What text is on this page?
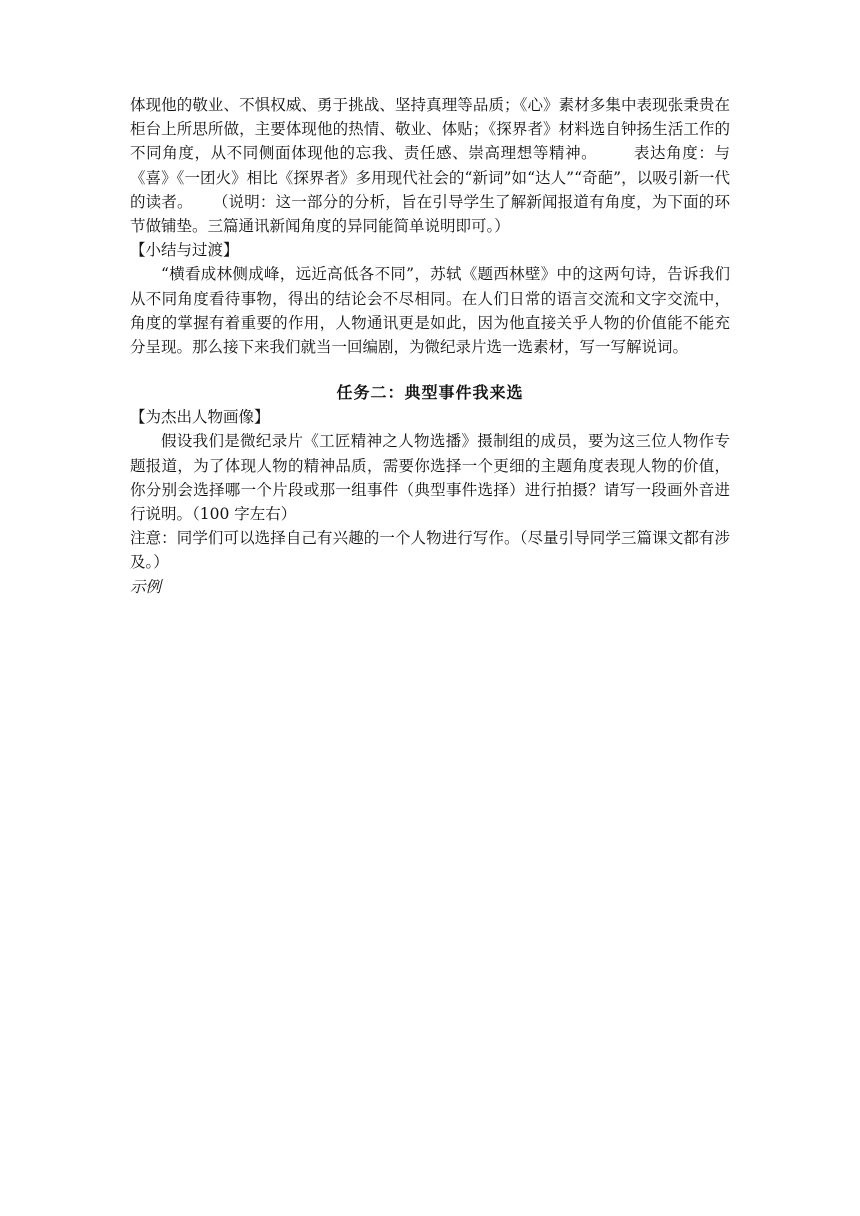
体现他的敬业、不惧权威、勇于挑战、坚持真理等品质；《心》素材多集中表现张秉贵在柜台上所思所做，主要体现他的热情、敬业、体贴；《探界者》材料选自钟扬生活工作的不同角度，从不同侧面体现他的忘我、责任感、崇高理想等精神。 表达角度：与《喜》《一团火》相比《探界者》多用现代社会的“新词”如“达人”“奇葩”，以吸引新一代的读者。 （说明：这一部分的分析，旨在引导学生了解新闻报道有角度，为下面的环节做铺垫。三篇通讯新闻角度的异同能简单说明即可。）

【小结与过渡】

“横看成林侧成峰，远近高低各不同”，苏轼《题西林壁》中的这两句诗，告诉我们从不同角度看待事物，得出的结论会不尽相同。在人们日常的语言交流和文字交流中，角度的掌握有着重要的作用，人物通讯更是如此，因为他直接关乎人物的价值能不能充分呈现。那么接下来我们就当一回编剧，为微纪录片选一选素材，写一写解说词。

任务二：典型事件我来选

【为杰出人物画像】

假设我们是微纪录片《工匠精神之人物选播》摄制组的成员，要为这三位人物作专题报道，为了体现人物的精神品质，需要你选择一个更细的主题角度表现人物的价值，你分别会选择哪一个片段或那一组事件（典型事件选择）进行拍摄？请写一段画外音进行说明。（100 字左右）

注意：同学们可以选择自己有兴趣的一个人物进行写作。（尽量引导同学三篇课文都有涉及。）

示例
